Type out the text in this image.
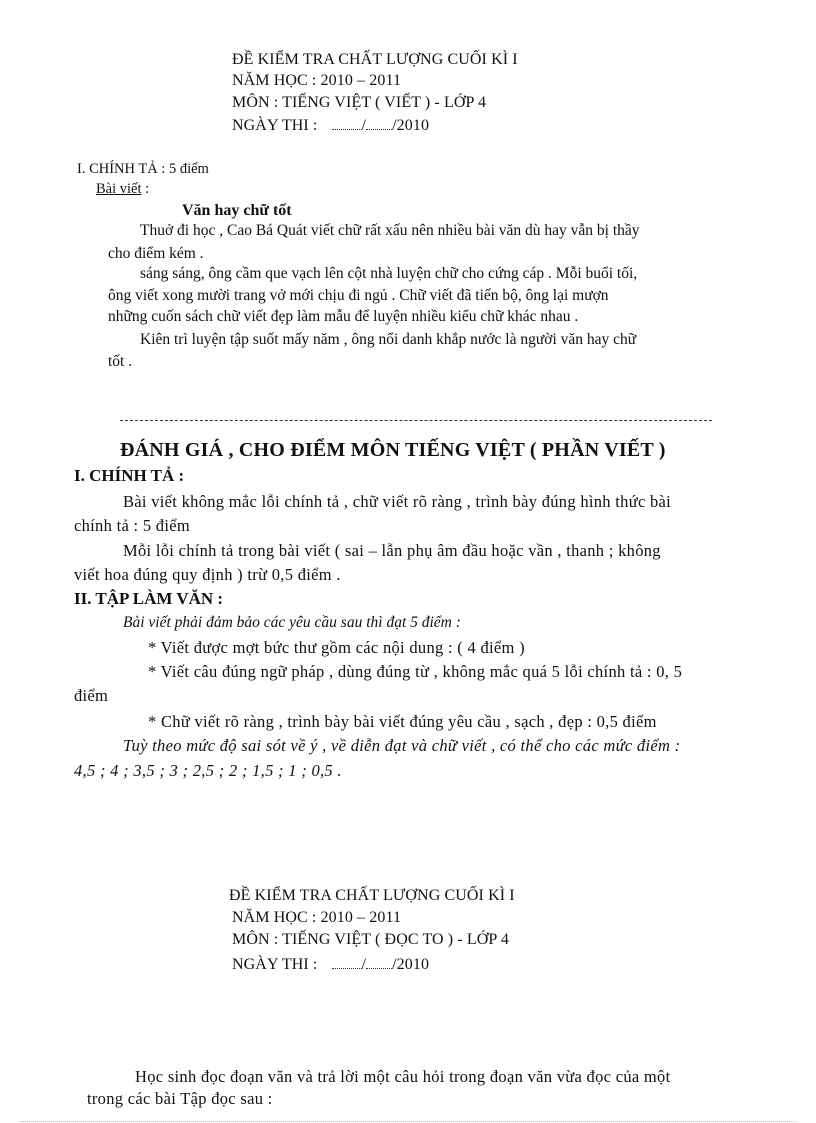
ĐỀ KIỂM TRA CHẤT LƯỢNG CUỐI KÌ I
NĂM HỌC : 2010 – 2011
MÔN : TIẾNG VIỆT ( VIẾT ) - LỚP 4
NGÀY THI :	/ /2010
I. CHÍNH TẢ : 5 điểm
Bài viết :
Văn hay chữ tốt
Thuở đi học , Cao Bá Quát viết chữ rất xấu nên nhiều bài văn dù hay vẫn bị thầy
cho điểm kém .
sáng sáng, ông cầm que vạch lên cột nhà luyện chữ cho cứng cáp . Mỗi buổi tối,
ông viết xong mười trang vở mới chịu đi ngủ . Chữ viết đã tiến bộ, ông lại mượn
những cuốn sách chữ viết đẹp làm mẫu để luyện nhiều kiểu chữ khác nhau .
Kiên trì luyện tập suốt mấy năm , ông nổi danh khắp nước là người văn hay chữ
tốt .
ĐÁNH GIÁ , CHO ĐIỂM MÔN TIẾNG VIỆT ( PHẦN VIẾT )
I. CHÍNH TẢ :
Bài viết không mắc lỗi chính tả , chữ viết rõ ràng , trình bày đúng hình thức bài
chính tả : 5 điểm
Mỗi lỗi chính tả trong bài viết ( sai – lẫn phụ âm đầu hoặc vần , thanh ; không
viết hoa đúng quy định ) trừ 0,5 điểm .
II. TẬP LÀM VĂN :
Bài viết phải đảm bảo các yêu cầu sau thì đạt 5 điểm :
* Viết được mợt bức thư gồm các nội dung : ( 4 điểm )
* Viết câu đúng ngữ pháp , dùng đúng từ , không mắc quá 5 lỗi chính tả : 0, 5
điểm
* Chữ viết rõ ràng , trình bày bài viết đúng yêu cầu , sạch , đẹp : 0,5 điểm
Tuỳ theo mức độ sai sót về ý , về diễn đạt và chữ viết , có thể cho các mức điểm :
4,5 ; 4 ; 3,5 ; 3 ; 2,5 ; 2 ; 1,5 ; 1 ; 0,5 .
ĐỀ KIỂM TRA CHẤT LƯỢNG CUỐI KÌ I
NĂM HỌC : 2010 – 2011
MÔN : TIẾNG VIỆT ( ĐỌC TO ) - LỚP 4
NGÀY THI :	/ /2010
Học sinh đọc đoạn văn và trả lời một câu hỏi trong đoạn văn vừa đọc của một
trong các bài Tập đọc sau :
